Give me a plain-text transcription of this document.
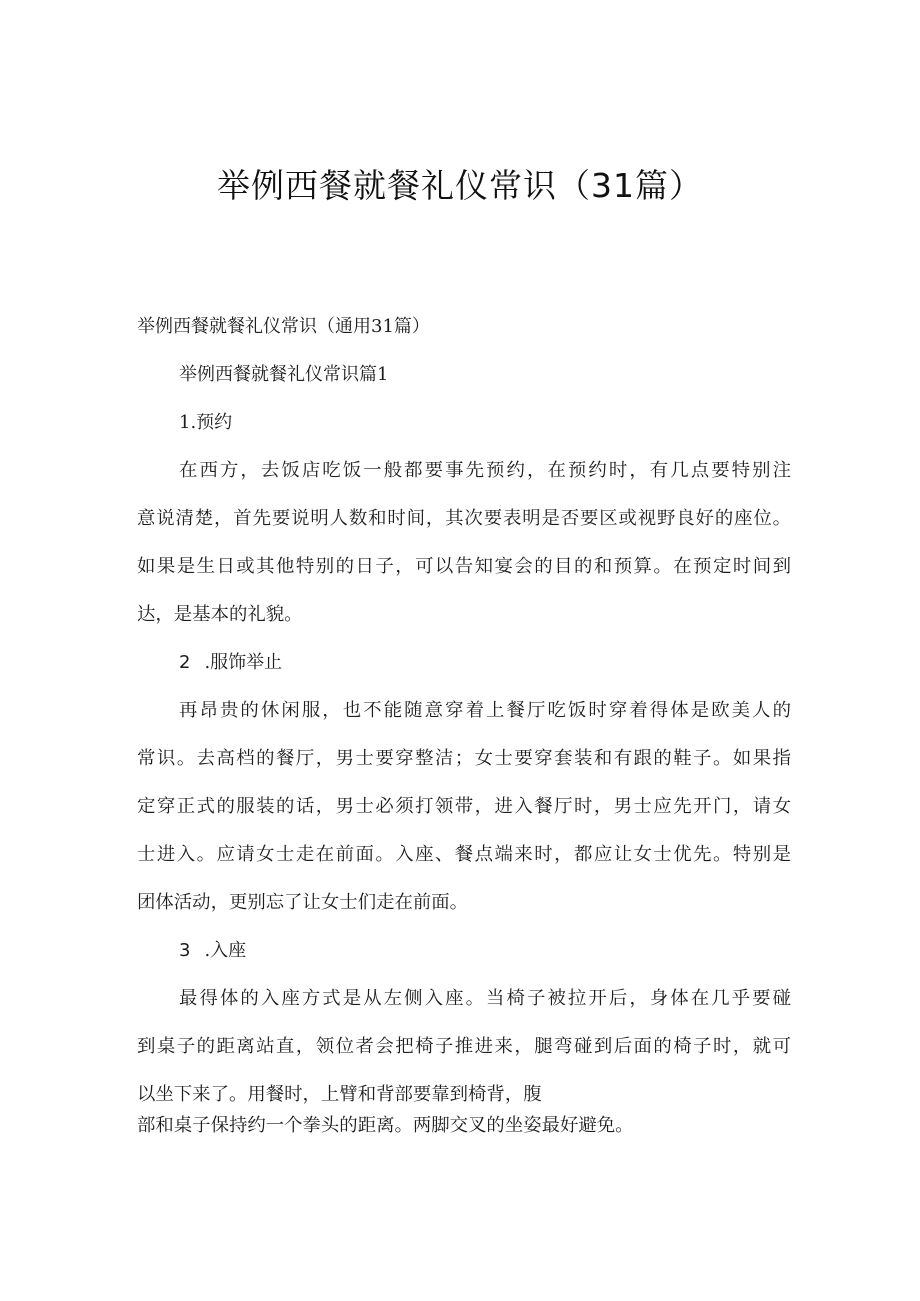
举例西餐就餐礼仪常识（31篇）
举例西餐就餐礼仪常识（通用31篇）
举例西餐就餐礼仪常识篇1
1.预约
在西方，去饭店吃饭一般都要事先预约，在预约时，有几点要特别注
意说清楚，首先要说明人数和时间，其次要表明是否要区或视野良好的座位。
如果是生日或其他特别的日子，可以告知宴会的目的和预算。在预定时间到
达，是基本的礼貌。
2 .服饰举止
再昂贵的休闲服，也不能随意穿着上餐厅吃饭时穿着得体是欧美人的
常识。去高档的餐厅，男士要穿整洁；女士要穿套装和有跟的鞋子。如果指
定穿正式的服装的话，男士必须打领带，进入餐厅时，男士应先开门，请女
士进入。应请女士走在前面。入座、餐点端来时，都应让女士优先。特别是
团体活动，更别忘了让女士们走在前面。
3 .入座
最得体的入座方式是从左侧入座。当椅子被拉开后，身体在几乎要碰
到桌子的距离站直，领位者会把椅子推进来，腿弯碰到后面的椅子时，就可
以坐下来了。用餐时，上臂和背部要靠到椅背，腹
部和桌子保持约一个拳头的距离。两脚交叉的坐姿最好避免。
